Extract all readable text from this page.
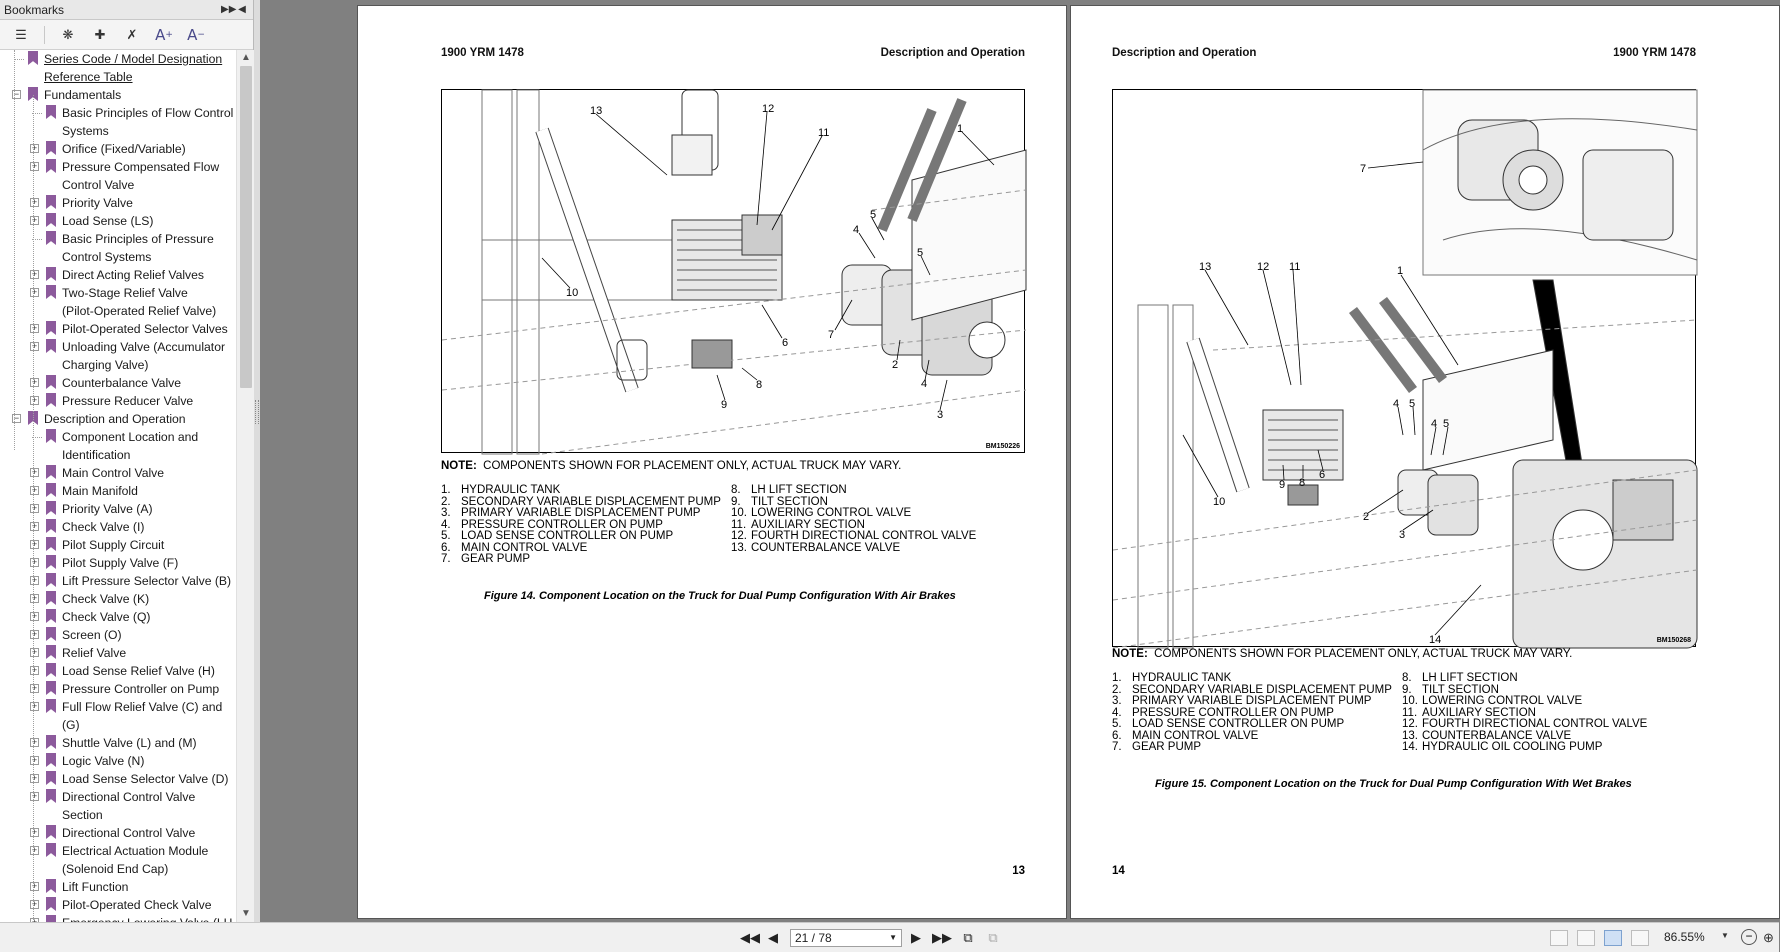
Bookmarks	▶▶ ◀
☰	❋	✚	✗	A + A −
Series Code / Model Designation
Reference Table
− Fundamentals
Basic Principles of Flow Control
Systems
+ Orifice (Fixed/Variable)
+ Pressure Compensated Flow
Control Valve
+ Priority Valve
+ Load Sense (LS)
Basic Principles of Pressure
Control Systems
+ Direct Acting Relief Valves
+ Two-Stage Relief Valve
(Pilot-Operated Relief Valve)
+ Pilot-Operated Selector Valves
+ Unloading Valve (Accumulator
Charging Valve)
+ Counterbalance Valve
+ Pressure Reducer Valve
− Description and Operation
Component Location and
Identification
+ Main Control Valve
+ Main Manifold
+ Priority Valve (A)
+ Check Valve (I)
+ Pilot Supply Circuit
+ Pilot Supply Valve (F)
+ Lift Pressure Selector Valve (B)
+ Check Valve (K)
+ Check Valve (Q)
+ Screen (O)
+ Relief Valve
+ Load Sense Relief Valve (H)
+ Pressure Controller on Pump
+ Full Flow Relief Valve (C) and
(G)
+ Shuttle Valve (L) and (M)
+ Logic Valve (N)
+ Load Sense Selector Valve (D)
+ Directional Control Valve
Section
+ Directional Control Valve
+ Electrical Actuation Module
(Solenoid End Cap)
+ Lift Function
+ Pilot-Operated Check Valve
▲
▼
1900 YRM 1478	Description and Operation
13	12
11	1
10
5
4
5
7
6
2
4
3
9
8
BM150226
NOTE: COMPONENTS SHOWN FOR PLACEMENT ONLY, ACTUAL TRUCK MAY VARY.
1. HYDRAULIC TANK
2. SECONDARY VARIABLE DISPLACEMENT PUMP
3. PRIMARY VARIABLE DISPLACEMENT PUMP
4. PRESSURE CONTROLLER ON PUMP
5. LOAD SENSE CONTROLLER ON PUMP
6. MAIN CONTROL VALVE
7. GEAR PUMP
8. LH LIFT SECTION
9. TILT SECTION
10. LOWERING CONTROL VALVE
11. AUXILIARY SECTION
12. FOURTH DIRECTIONAL CONTROL VALVE
13. COUNTERBALANCE VALVE
Figure 14. Component Location on the Truck for Dual Pump Configuration With Air Brakes
13
Description and Operation	1900 YRM 1478
7
13	12 11	1
4 5
4 5
10
9 8
6
2
3
14	BM150268
NOTE: COMPONENTS SHOWN FOR PLACEMENT ONLY, ACTUAL TRUCK MAY VARY.
1. HYDRAULIC TANK
2. SECONDARY VARIABLE DISPLACEMENT PUMP
3. PRIMARY VARIABLE DISPLACEMENT PUMP
4. PRESSURE CONTROLLER ON PUMP
5. LOAD SENSE CONTROLLER ON PUMP
6. MAIN CONTROL VALVE
7. GEAR PUMP
8. LH LIFT SECTION
9. TILT SECTION
10. LOWERING CONTROL VALVE
11. AUXILIARY SECTION
12. FOURTH DIRECTIONAL CONTROL VALVE
13. COUNTERBALANCE VALVE
14. HYDRAULIC OIL COOLING PUMP
Figure 15. Component Location on the Truck for Dual Pump Configuration With Wet Brakes
14
◀◀ ◀	21 / 78	▼ ▶ ▶▶ ⧉ ⧉	86.55% ▼	− ⊕
